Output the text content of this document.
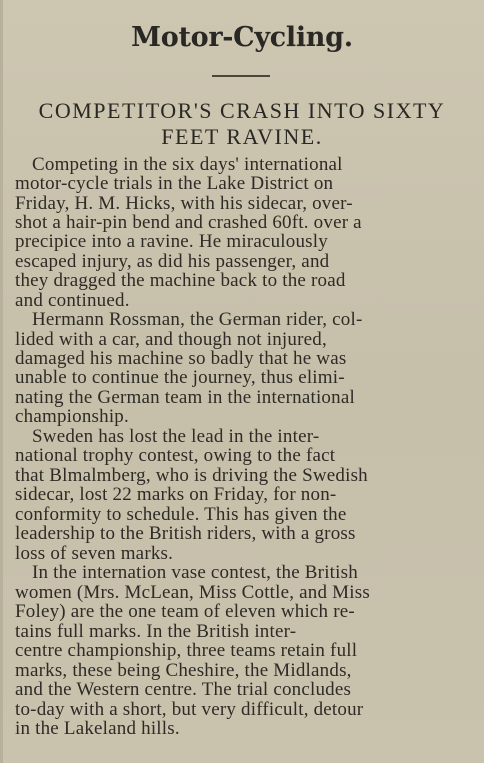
Motor-Cycling.
COMPETITOR'S CRASH INTO SIXTY
FEET RAVINE.
Competing in the six days' international
motor-cycle trials in the Lake District on
Friday, H. M. Hicks, with his sidecar, over-
shot a hair-pin bend and crashed 60ft. over a
precipice into a ravine. He miraculously
escaped injury, as did his passenger, and
they dragged the machine back to the road
and continued.
Hermann Rossman, the German rider, col-
lided with a car, and though not injured,
damaged his machine so badly that he was
unable to continue the journey, thus elimi-
nating the German team in the international
championship.
Sweden has lost the lead in the inter-
national trophy contest, owing to the fact
that Blmalmberg, who is driving the Swedish
sidecar, lost 22 marks on Friday, for non-
conformity to schedule. This has given the
leadership to the British riders, with a gross
loss of seven marks.
In the internation vase contest, the British
women (Mrs. McLean, Miss Cottle, and Miss
Foley) are the one team of eleven which re-
tains full marks. In the British inter-
centre championship, three teams retain full
marks, these being Cheshire, the Midlands,
and the Western centre. The trial concludes
to-day with a short, but very difficult, detour
in the Lakeland hills.
